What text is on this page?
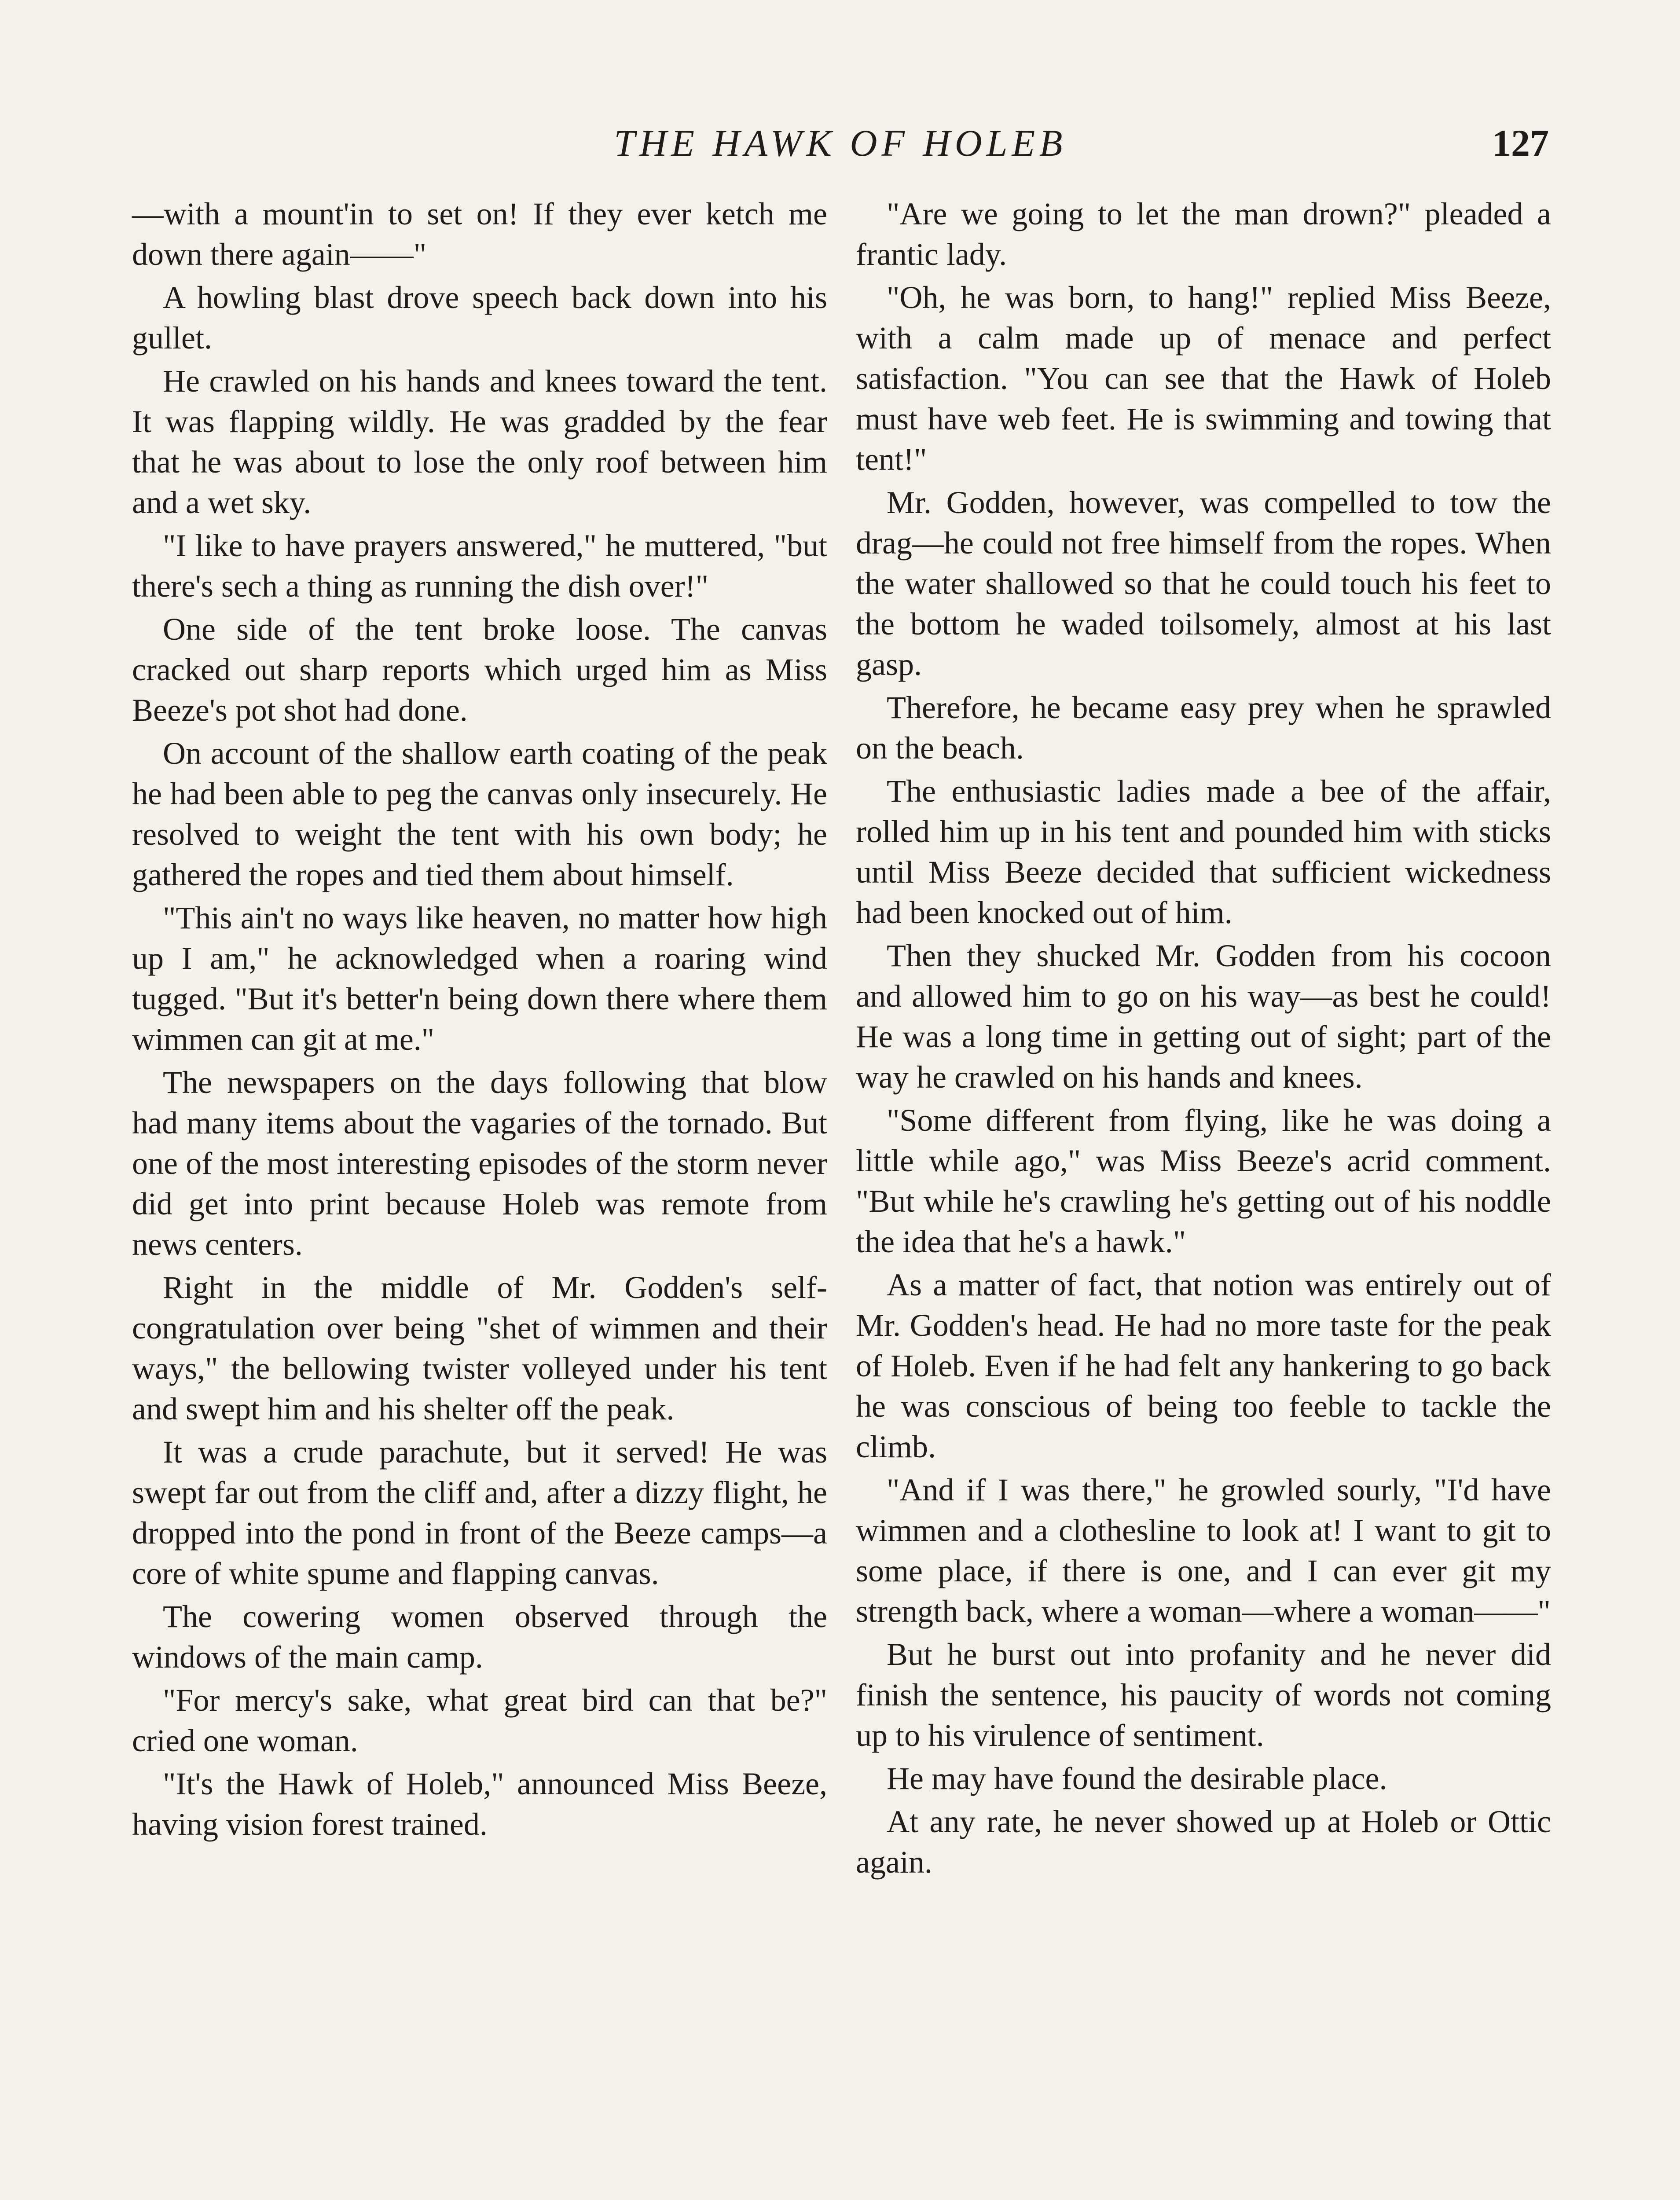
THE HAWK OF HOLEB	127

—with a mount'in to set on! If they ever ketch me down there again——"

A howling blast drove speech back down into his gullet.

He crawled on his hands and knees toward the tent. It was flapping wildly. He was gradded by the fear that he was about to lose the only roof between him and a wet sky.

"I like to have prayers answered," he muttered, "but there's sech a thing as running the dish over!"

One side of the tent broke loose. The canvas cracked out sharp reports which urged him as Miss Beeze's pot shot had done.

On account of the shallow earth coating of the peak he had been able to peg the canvas only insecurely. He resolved to weight the tent with his own body; he gathered the ropes and tied them about himself.

"This ain't no ways like heaven, no matter how high up I am," he acknowledged when a roaring wind tugged. "But it's better'n being down there where them wimmen can git at me."

The newspapers on the days following that blow had many items about the vagaries of the tornado. But one of the most interesting episodes of the storm never did get into print because Holeb was remote from news centers.

Right in the middle of Mr. Godden's self-congratulation over being "shet of wimmen and their ways," the bellowing twister volleyed under his tent and swept him and his shelter off the peak.

It was a crude parachute, but it served! He was swept far out from the cliff and, after a dizzy flight, he dropped into the pond in front of the Beeze camps—a core of white spume and flapping canvas.

The cowering women observed through the windows of the main camp.

"For mercy's sake, what great bird can that be?" cried one woman.

"It's the Hawk of Holeb," announced Miss Beeze, having vision forest trained.

"Are we going to let the man drown?" pleaded a frantic lady.

"Oh, he was born, to hang!" replied Miss Beeze, with a calm made up of menace and perfect satisfaction. "You can see that the Hawk of Holeb must have web feet. He is swimming and towing that tent!"

Mr. Godden, however, was compelled to tow the drag—he could not free himself from the ropes. When the water shallowed so that he could touch his feet to the bottom he waded toilsomely, almost at his last gasp.

Therefore, he became easy prey when he sprawled on the beach.

The enthusiastic ladies made a bee of the affair, rolled him up in his tent and pounded him with sticks until Miss Beeze decided that sufficient wickedness had been knocked out of him.

Then they shucked Mr. Godden from his cocoon and allowed him to go on his way—as best he could! He was a long time in getting out of sight; part of the way he crawled on his hands and knees.

"Some different from flying, like he was doing a little while ago," was Miss Beeze's acrid comment. "But while he's crawling he's getting out of his noddle the idea that he's a hawk."

As a matter of fact, that notion was entirely out of Mr. Godden's head. He had no more taste for the peak of Holeb. Even if he had felt any hankering to go back he was conscious of being too feeble to tackle the climb.

"And if I was there," he growled sourly, "I'd have wimmen and a clothesline to look at! I want to git to some place, if there is one, and I can ever git my strength back, where a woman—where a woman——"

But he burst out into profanity and he never did finish the sentence, his paucity of words not coming up to his virulence of sentiment.

He may have found the desirable place.

At any rate, he never showed up at Holeb or Ottic again.
